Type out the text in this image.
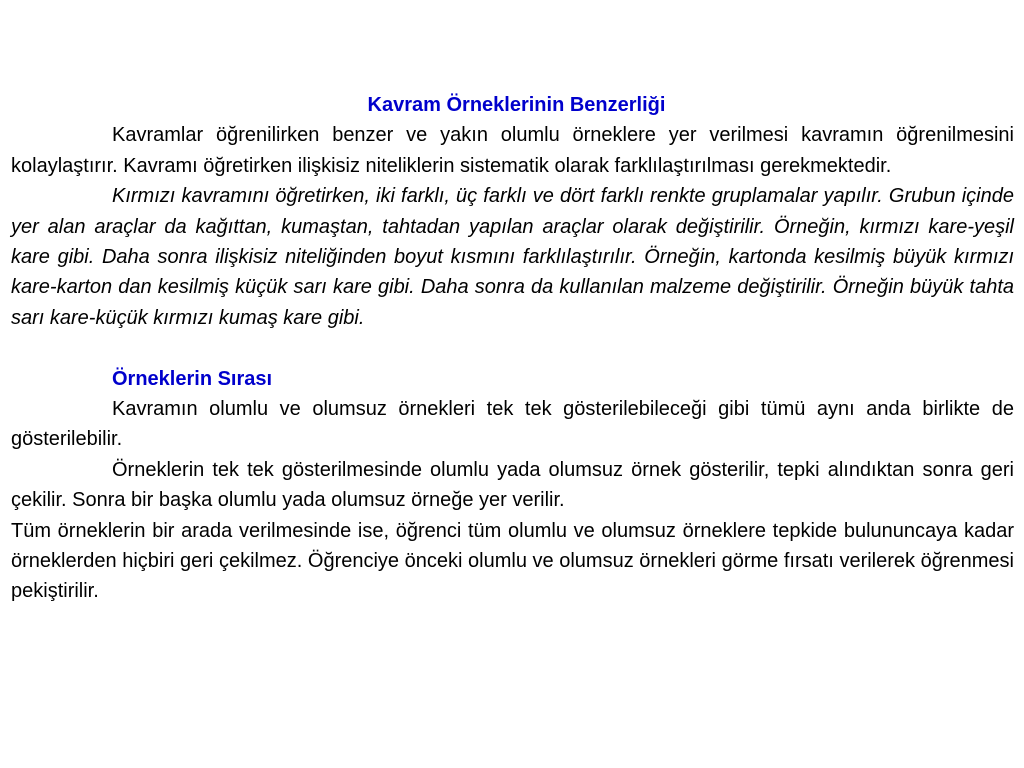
Kavram Örneklerinin Benzerliği

Kavramlar öğrenilirken benzer ve yakın olumlu örneklere yer verilmesi kavramın öğrenilmesini kolaylaştırır. Kavramı öğretirken ilişkisiz niteliklerin sistematik olarak farklılaştırılması gerekmektedir.

Kırmızı kavramını öğretirken, iki farklı, üç farklı ve dört farklı renkte gruplamalar yapılır. Grubun içinde yer alan araçlar da kağıttan, kumaştan, tahtadan yapılan araçlar olarak değiştirilir. Örneğin, kırmızı kare-yeşil kare gibi. Daha sonra ilişkisiz niteliğinden boyut kısmını farklılaştırılır. Örneğin, kartonda kesilmiş büyük kırmızı kare-karton dan kesilmiş küçük sarı kare gibi. Daha sonra da kullanılan malzeme değiştirilir. Örneğin büyük tahta sarı kare-küçük kırmızı kumaş kare gibi.

Örneklerin Sırası

Kavramın olumlu ve olumsuz örnekleri tek tek gösterilebileceği gibi tümü aynı anda birlikte de gösterilebilir.

Örneklerin tek tek gösterilmesinde olumlu yada olumsuz örnek gösterilir, tepki alındıktan sonra geri çekilir. Sonra bir başka olumlu yada olumsuz örneğe yer verilir.

Tüm örneklerin bir arada verilmesinde ise, öğrenci tüm olumlu ve olumsuz örneklere tepkide bulununcaya kadar örneklerden hiçbiri geri çekilmez. Öğrenciye önceki olumlu ve olumsuz örnekleri görme fırsatı verilerek öğrenmesi pekiştirilir.
